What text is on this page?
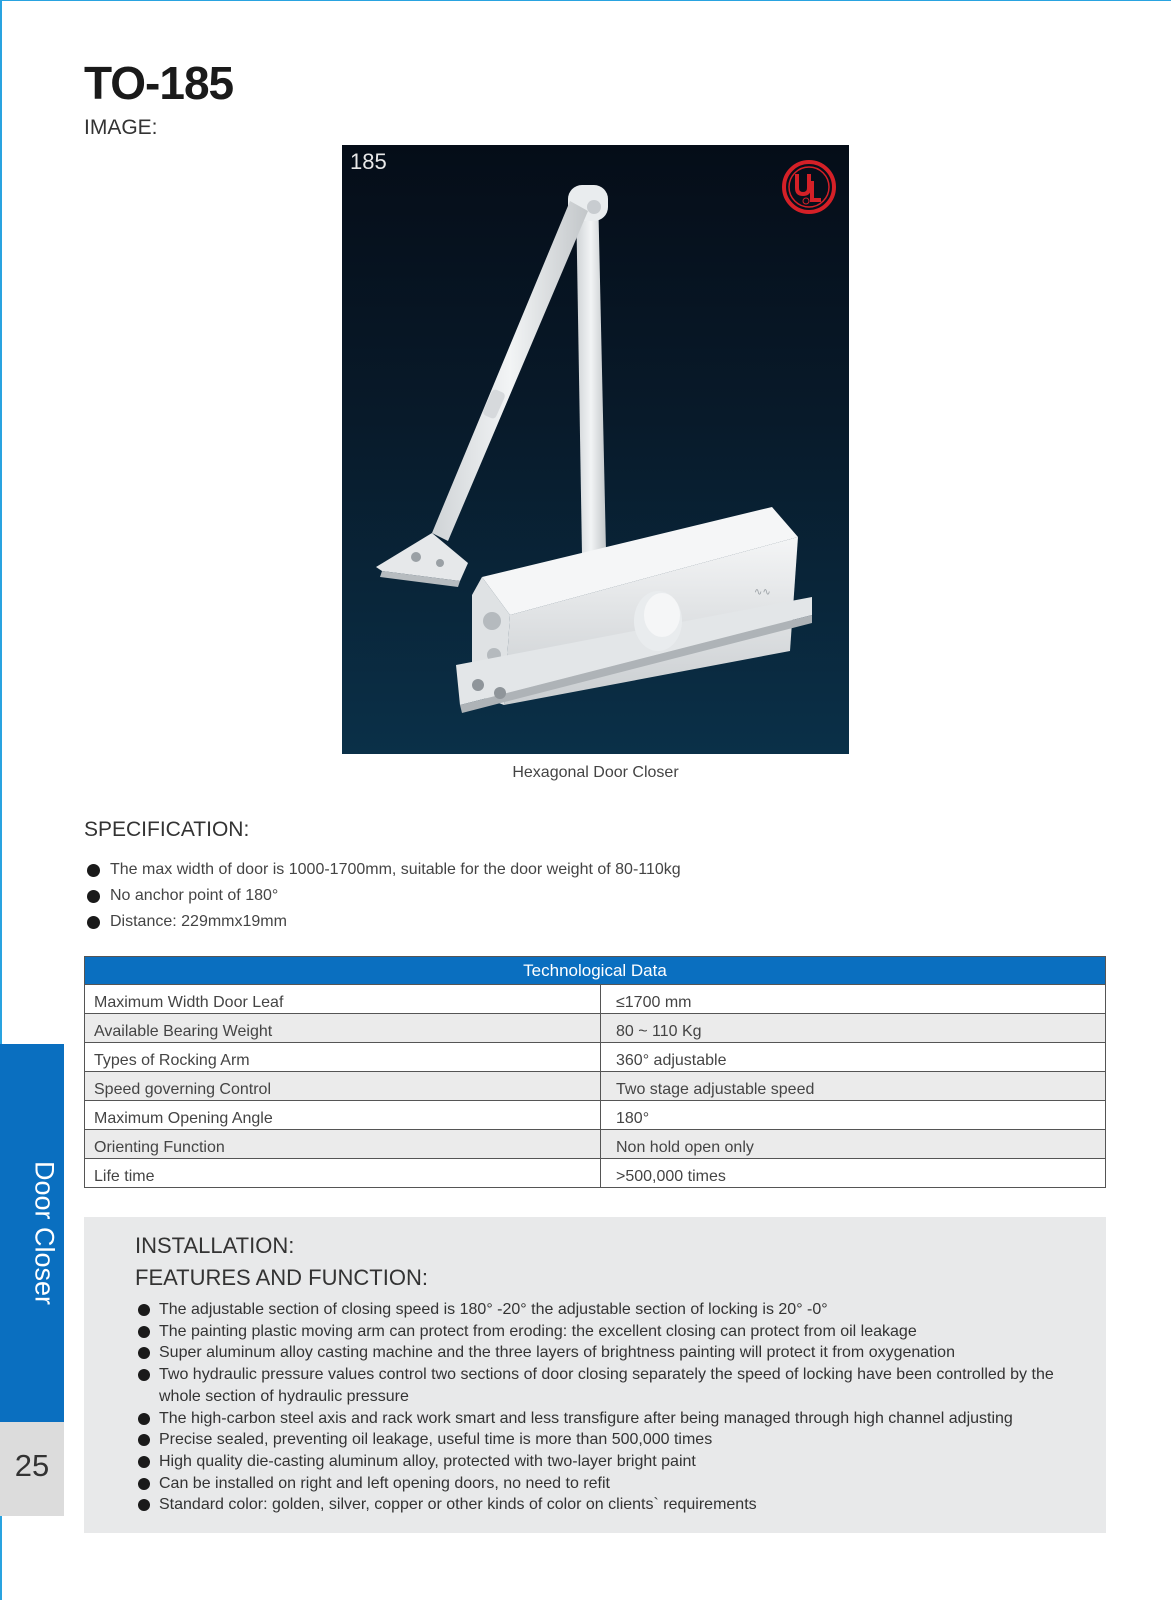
TO-185
IMAGE:
185
∿∿
Hexagonal Door Closer
SPECIFICATION:
The max width of door is 1000-1700mm, suitable for the door weight of 80-110kg
No anchor point of 180°
Distance: 229mmx19mm
Technological Data	
Maximum Width Door Leaf	≤1700 mm
Available Bearing Weight	80 ~ 110 Kg
Types of Rocking Arm	360° adjustable
Speed governing Control	Two stage adjustable speed
Maximum Opening Angle	180°
Orienting Function	Non hold open only
Life time	>500,000 times
Door Closer
25
INSTALLATION:
FEATURES AND FUNCTION:
The adjustable section of closing speed is 180° -20° the adjustable section of locking is 20° -0°
The painting plastic moving arm can protect from eroding: the excellent closing can protect from oil leakage
Super aluminum alloy casting machine and the three layers of brightness painting will protect it from oxygenation
Two hydraulic pressure values control two sections of door closing separately the speed of locking have been controlled by the whole section of hydraulic pressure
The high-carbon steel axis and rack work smart and less transfigure after being managed through high channel adjusting
Precise sealed, preventing oil leakage, useful time is more than 500,000 times
High quality die-casting aluminum alloy, protected with two-layer bright paint
Can be installed on right and left opening doors, no need to refit
Standard color: golden, silver, copper or other kinds of color on clients` requirements
